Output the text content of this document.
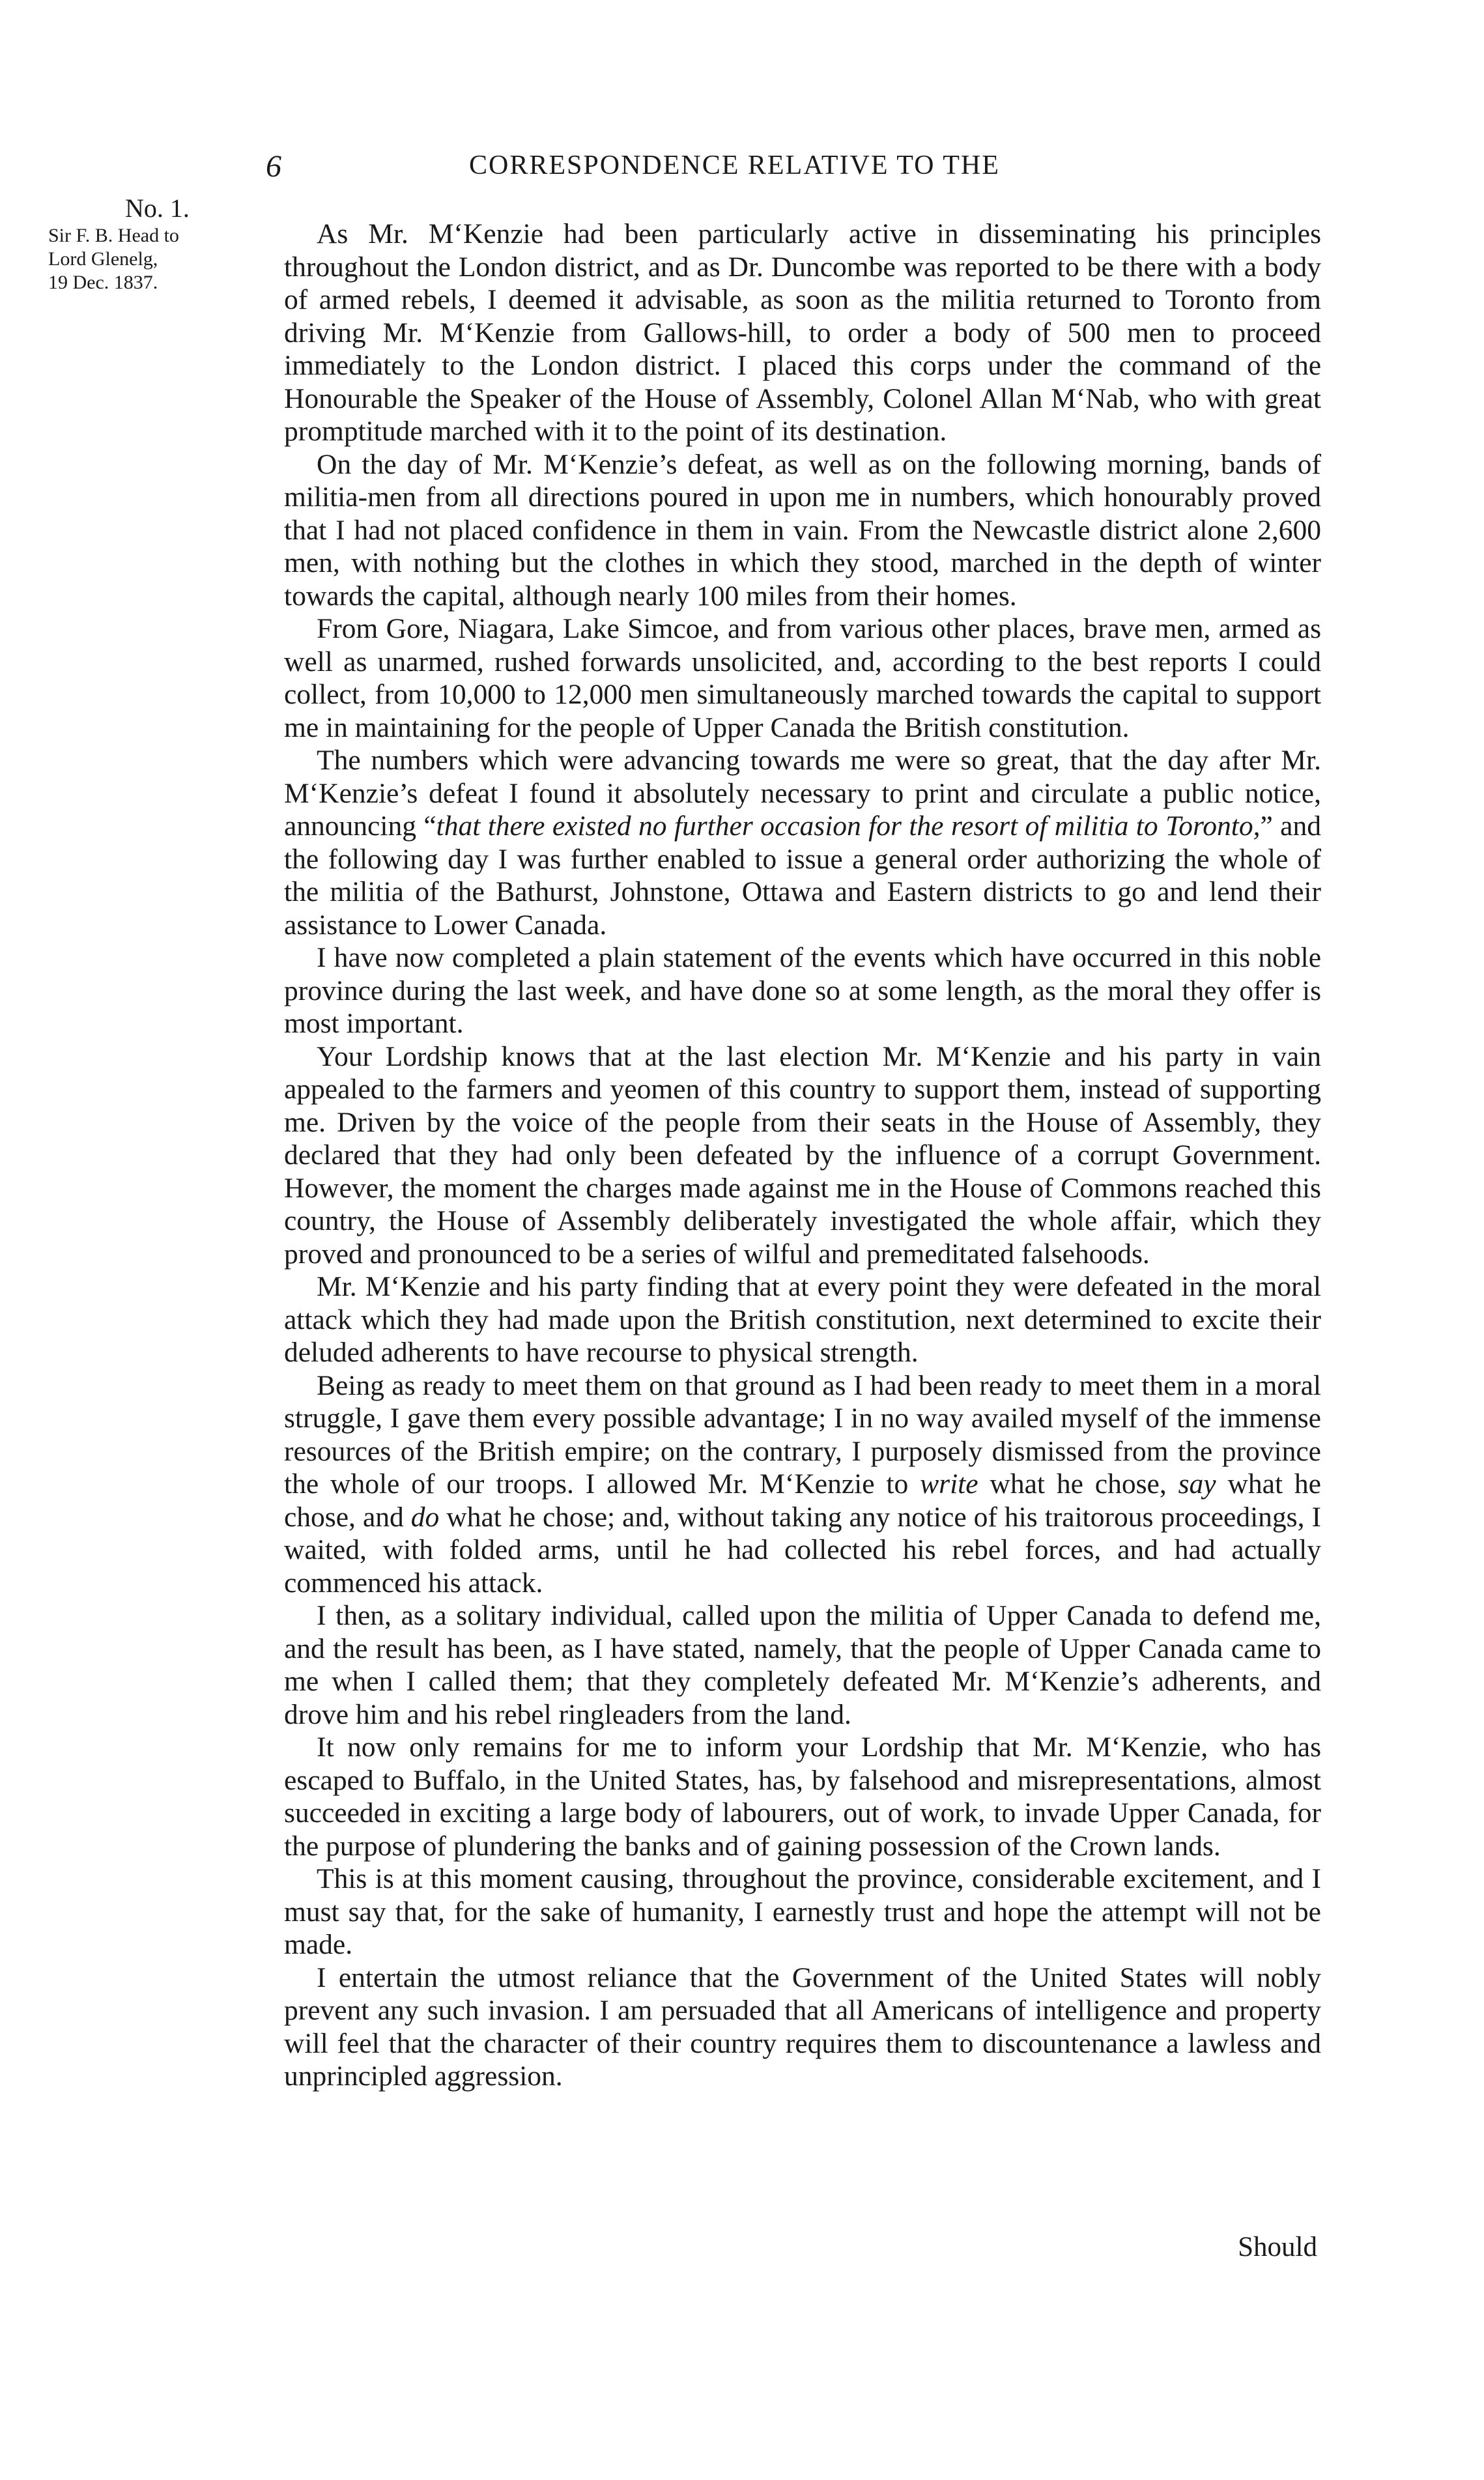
6	CORRESPONDENCE RELATIVE TO THE
No. 1.
Sir F. B. Head to
Lord Glenelg,
19 Dec. 1837.

As Mr. M‘Kenzie had been particularly active in disseminating his principles throughout the London district, and as Dr. Duncombe was reported to be there with a body of armed rebels, I deemed it advisable, as soon as the militia returned to Toronto from driving Mr. M‘Kenzie from Gallows-hill, to order a body of 500 men to proceed immediately to the London district. I placed this corps under the command of the Honourable the Speaker of the House of Assembly, Colonel Allan M‘Nab, who with great promptitude marched with it to the point of its destination.

On the day of Mr. M‘Kenzie’s defeat, as well as on the following morning, bands of militia-men from all directions poured in upon me in numbers, which honourably proved that I had not placed confidence in them in vain. From the Newcastle district alone 2,600 men, with nothing but the clothes in which they stood, marched in the depth of winter towards the capital, although nearly 100 miles from their homes.

From Gore, Niagara, Lake Simcoe, and from various other places, brave men, armed as well as unarmed, rushed forwards unsolicited, and, according to the best reports I could collect, from 10,000 to 12,000 men simultaneously marched towards the capital to support me in maintaining for the people of Upper Canada the British constitution.

The numbers which were advancing towards me were so great, that the day after Mr. M‘Kenzie’s defeat I found it absolutely necessary to print and circulate a public notice, announcing “that there existed no further occasion for the resort of militia to Toronto,” and the following day I was further enabled to issue a general order authorizing the whole of the militia of the Bathurst, Johnstone, Ottawa and Eastern districts to go and lend their assistance to Lower Canada.

I have now completed a plain statement of the events which have occurred in this noble province during the last week, and have done so at some length, as the moral they offer is most important.

Your Lordship knows that at the last election Mr. M‘Kenzie and his party in vain appealed to the farmers and yeomen of this country to support them, instead of supporting me. Driven by the voice of the people from their seats in the House of Assembly, they declared that they had only been defeated by the influence of a corrupt Government. However, the moment the charges made against me in the House of Commons reached this country, the House of Assembly deliberately investigated the whole affair, which they proved and pronounced to be a series of wilful and premeditated falsehoods.

Mr. M‘Kenzie and his party finding that at every point they were defeated in the moral attack which they had made upon the British constitution, next determined to excite their deluded adherents to have recourse to physical strength.

Being as ready to meet them on that ground as I had been ready to meet them in a moral struggle, I gave them every possible advantage; I in no way availed myself of the immense resources of the British empire; on the contrary, I purposely dismissed from the province the whole of our troops. I allowed Mr. M‘Kenzie to write what he chose, say what he chose, and do what he chose; and, without taking any notice of his traitorous proceedings, I waited, with folded arms, until he had collected his rebel forces, and had actually commenced his attack.

I then, as a solitary individual, called upon the militia of Upper Canada to defend me, and the result has been, as I have stated, namely, that the people of Upper Canada came to me when I called them; that they completely defeated Mr. M‘Kenzie’s adherents, and drove him and his rebel ringleaders from the land.

It now only remains for me to inform your Lordship that Mr. M‘Kenzie, who has escaped to Buffalo, in the United States, has, by falsehood and misrepresentations, almost succeeded in exciting a large body of labourers, out of work, to invade Upper Canada, for the purpose of plundering the banks and of gaining possession of the Crown lands.

This is at this moment causing, throughout the province, considerable excitement, and I must say that, for the sake of humanity, I earnestly trust and hope the attempt will not be made.

I entertain the utmost reliance that the Government of the United States will nobly prevent any such invasion. I am persuaded that all Americans of intelligence and property will feel that the character of their country requires them to discountenance a lawless and unprincipled aggression.

Should
